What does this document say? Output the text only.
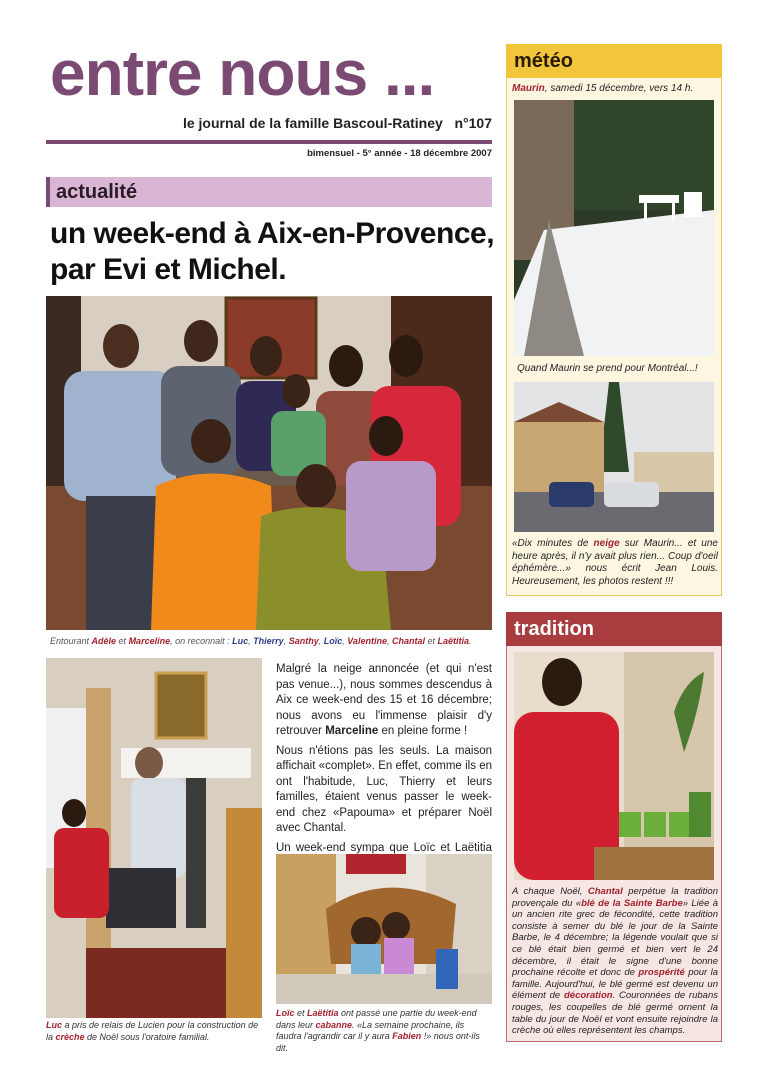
entre nous ...
le journal de la famille Bascoul-Ratiney   n°107
bimensuel - 5° année - 18 décembre 2007
actualité
un week-end à Aix-en-Provence,
par Evi et Michel.
Entourant Adèle et Marceline, on reconnait : Luc, Thierry, Santhy, Loïc, Valentine, Chantal et Laëtitia.
Luc a pris de relais de Lucien pour la construction de la crèche de Noël sous l'oratoire familial.

Malgré la neige annoncée (et qui n'est pas venue...), nous sommes descendus à Aix ce week-end des 15 et 16 décembre; nous avons eu l'immense plaisir d'y retrouver Marceline en pleine forme !

Nous n'étions pas les seuls. La maison affichait «complet». En effet, comme ils en ont l'habitude, Luc, Thierry et leurs familles, étaient venus passer le week-end chez «Papouma» et préparer Noël avec Chantal.

Un week-end sympa que Loïc et Laëtitia

Loïc et Laëtitia ont passé une partie du week-end dans leur cabanne. «La semaine prochaine, ils faudra l'agrandir car il y aura Fabien !» nous ont-ils dit.
météo
Maurin, samedi 15 décembre, vers 14 h.
Quand Maurin se prend pour Montréal...!
«Dix minutes de neige sur Maurin... et une heure après, il n'y avait plus rien... Coup d'oeil éphémère...» nous écrit Jean Louis. Heureusement, les photos restent !!!
tradition
A chaque Noël, Chantal perpétue la tradition provençale du «blé de la Sainte Barbe» Liée à un ancien rite grec de fécondité, cette tradition consiste à semer du blé le jour de la Sainte Barbe, le 4 décembre; la légende voulait que si ce blé était bien germé et bien vert le 24 décembre, il était le signe d'une bonne prochaine récolte et donc de prospérité pour la famille. Aujourd'hui, le blé germé est devenu un élément de décoration. Couronnées de rubans rouges, les coupelles de blé germé ornent la table du jour de Noël et vont ensuite rejoindre la crèche où elles représentent les champs.
